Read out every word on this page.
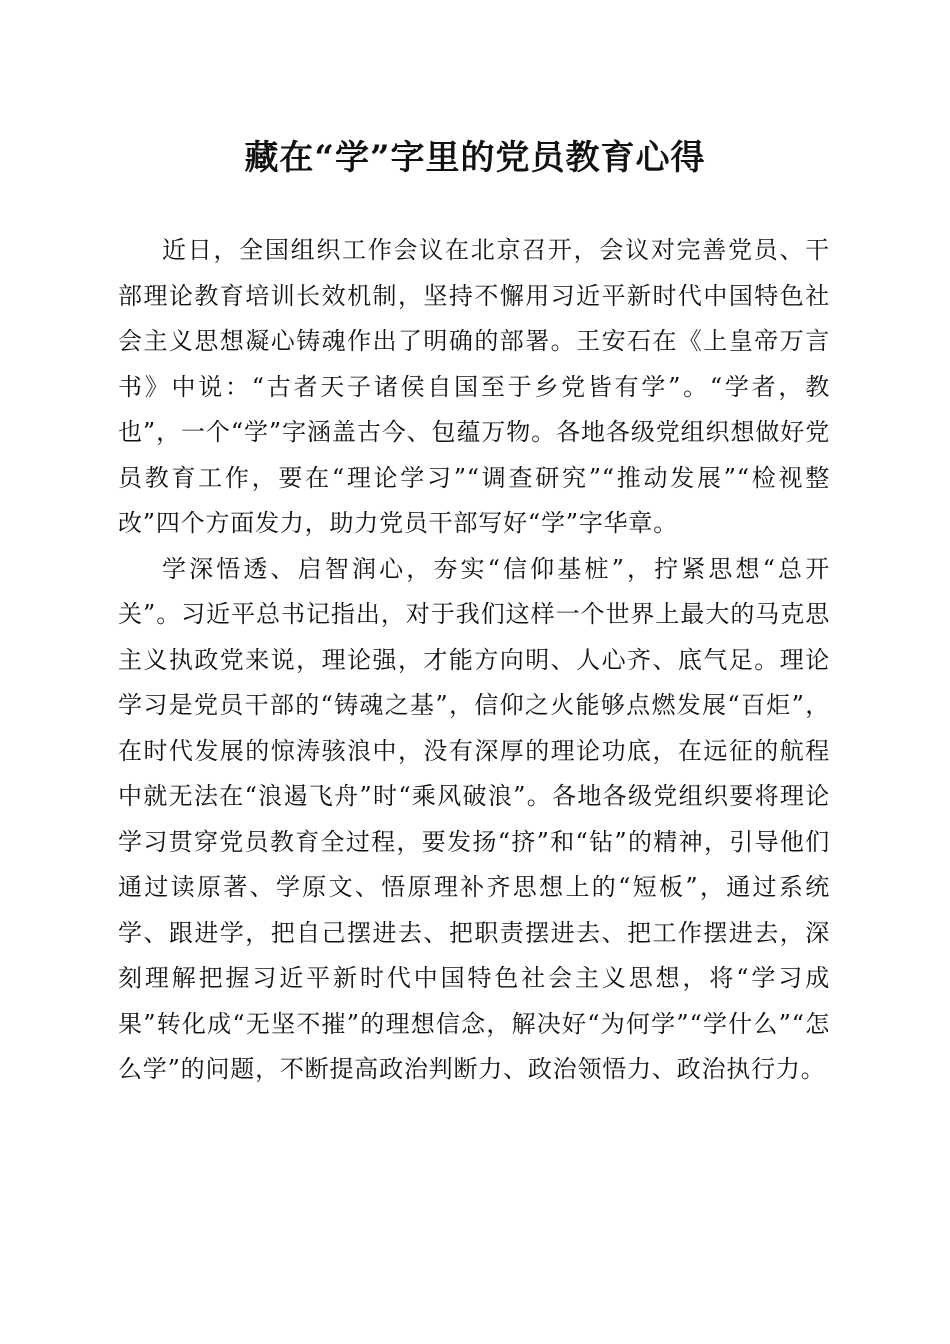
藏在“学”字里的党员教育心得

近日，全国组织工作会议在北京召开，会议对完善党员、干部理论教育培训长效机制，坚持不懈用习近平新时代中国特色社会主义思想凝心铸魂作出了明确的部署。王安石在《上皇帝万言书》中说：“古者天子诸侯自国至于乡党皆有学”。“学者，教也”，一个“学”字涵盖古今、包蕴万物。各地各级党组织想做好党员教育工作，要在“理论学习”“调查研究”“推动发展”“检视整改”四个方面发力，助力党员干部写好“学”字华章。

学深悟透、启智润心，夯实“信仰基桩”，拧紧思想“总开关”。习近平总书记指出，对于我们这样一个世界上最大的马克思主义执政党来说，理论强，才能方向明、人心齐、底气足。理论学习是党员干部的“铸魂之基”，信仰之火能够点燃发展“百炬”，在时代发展的惊涛骇浪中，没有深厚的理论功底，在远征的航程中就无法在“浪遏飞舟”时“乘风破浪”。各地各级党组织要将理论学习贯穿党员教育全过程，要发扬“挤”和“钻”的精神，引导他们通过读原著、学原文、悟原理补齐思想上的“短板”，通过系统学、跟进学，把自己摆进去、把职责摆进去、把工作摆进去，深刻理解把握习近平新时代中国特色社会主义思想，将“学习成果”转化成“无坚不摧”的理想信念，解决好“为何学”“学什么”“怎么学”的问题，不断提高政治判断力、政治领悟力、政治执行力。
